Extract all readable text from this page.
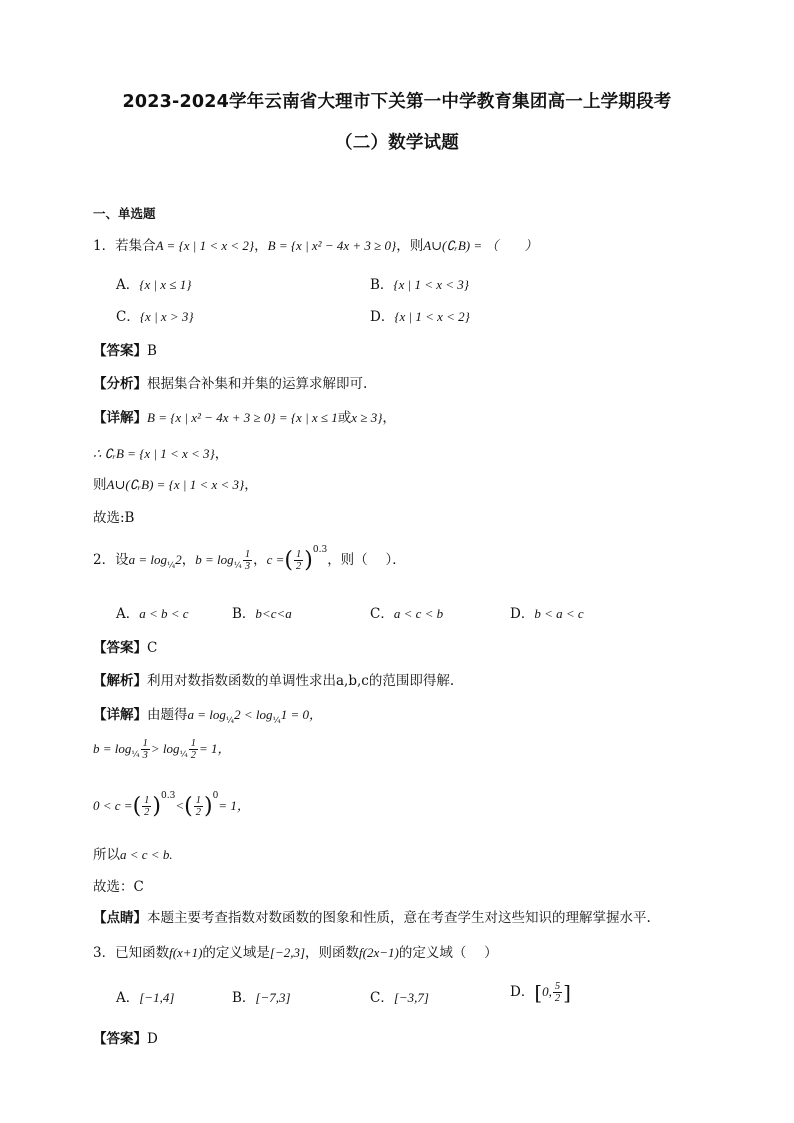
2023-2024学年云南省大理市下关第一中学教育集团高一上学期段考
（二）数学试题
一、单选题
1．若集合A = {x | 1 < x < 2}，B = {x | x² − 4x + 3 ≥ 0}，则A∪(∁ᵣB) = （　　）
A．{x | x ≤ 1}	B．{x | 1 < x < 3}
C．{x | x > 3}	D．{x | 1 < x < 2}
【答案】B
【分析】根据集合补集和并集的运算求解即可.
【详解】B = {x | x² − 4x + 3 ≥ 0} = {x | x ≤ 1或x ≥ 3}，
∴ ∁ᵣB = {x | 1 < x < 3}，
则A∪(∁ᵣB) = {x | 1 < x < 3}，
故选:B
2．设$a = \log_{\frac{1}{4}}2$，$b = \log_{\frac{1}{4}} \frac{1}{3}$ ，c =( $\frac{1}{2} )^{0.3}$，则（　 ）．
A．a < b < c	B．b<c<a	C．a < c < b	D．b < a < c
【答案】C
【解析】利用对数指数函数的单调性求出a,b,c的范围即得解.
【详解】由题得$a = \log_{\frac{1}{4}}2 < \log_{\frac{1}{4}}1 = 0$，
$b = \log_{\frac{1}{4}} \frac{1}{3} > \log_{\frac{1}{4}} \frac{1}{2} = 1$，
0 < c =( $\frac{1}{2} )^{0.3}<( \frac{1}{2} )^0= 1$，
所以a < c < b.
故选：C
【点睛】本题主要考查指数对数函数的图象和性质，意在考查学生对这些知识的理解掌握水平.
3．已知函数f(x+1)的定义域是[−2,3]，则函数f(2x−1)的定义域（　 ）
A．[−1,4]	B．[−7,3]	C．[−3,7]	D．[0, $\frac{5}{2}$ ]
【答案】D
